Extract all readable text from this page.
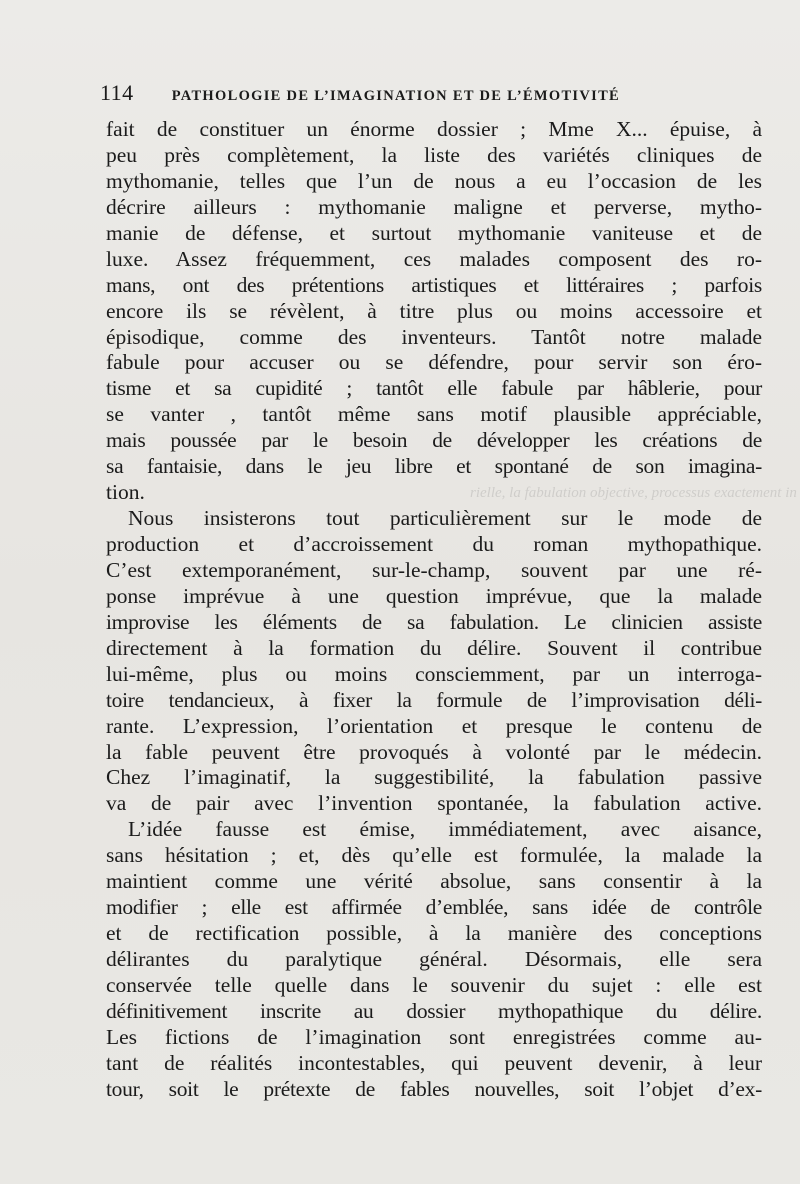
114	PATHOLOGIE DE L’IMAGINATION ET DE L’ÉMOTIVITÉ
rielle, la fabulation objective, processus exactement in
fait de constituer un énorme dossier ; Mme X... épuise, à
peu près complètement, la liste des variétés cliniques de
mythomanie, telles que l’un de nous a eu l’occasion de les
décrire ailleurs : mythomanie maligne et perverse, mytho-
manie de défense, et surtout mythomanie vaniteuse et de
luxe. Assez fréquemment, ces malades composent des ro-
mans, ont des prétentions artistiques et littéraires ; parfois
encore ils se révèlent, à titre plus ou moins accessoire et
épisodique, comme des inventeurs. Tantôt notre malade
fabule pour accuser ou se défendre, pour servir son éro-
tisme et sa cupidité ; tantôt elle fabule par hâblerie, pour
se vanter , tantôt même sans motif plausible appréciable,
mais poussée par le besoin de développer les créations de
sa fantaisie, dans le jeu libre et spontané de son imagina-
tion.
Nous insisterons tout particulièrement sur le mode de
production et d’accroissement du roman mythopathique.
C’est extemporanément, sur-le-champ, souvent par une ré-
ponse imprévue à une question imprévue, que la malade
improvise les éléments de sa fabulation. Le clinicien assiste
directement à la formation du délire. Souvent il contribue
lui-même, plus ou moins consciemment, par un interroga-
toire tendancieux, à fixer la formule de l’improvisation déli-
rante. L’expression, l’orientation et presque le contenu de
la fable peuvent être provoqués à volonté par le médecin.
Chez l’imaginatif, la suggestibilité, la fabulation passive
va de pair avec l’invention spontanée, la fabulation active.
L’idée fausse est émise, immédiatement, avec aisance,
sans hésitation ; et, dès qu’elle est formulée, la malade la
maintient comme une vérité absolue, sans consentir à la
modifier ; elle est affirmée d’emblée, sans idée de contrôle
et de rectification possible, à la manière des conceptions
délirantes du paralytique général. Désormais, elle sera
conservée telle quelle dans le souvenir du sujet : elle est
définitivement inscrite au dossier mythopathique du délire.
Les fictions de l’imagination sont enregistrées comme au-
tant de réalités incontestables, qui peuvent devenir, à leur
tour, soit le prétexte de fables nouvelles, soit l’objet d’ex-
